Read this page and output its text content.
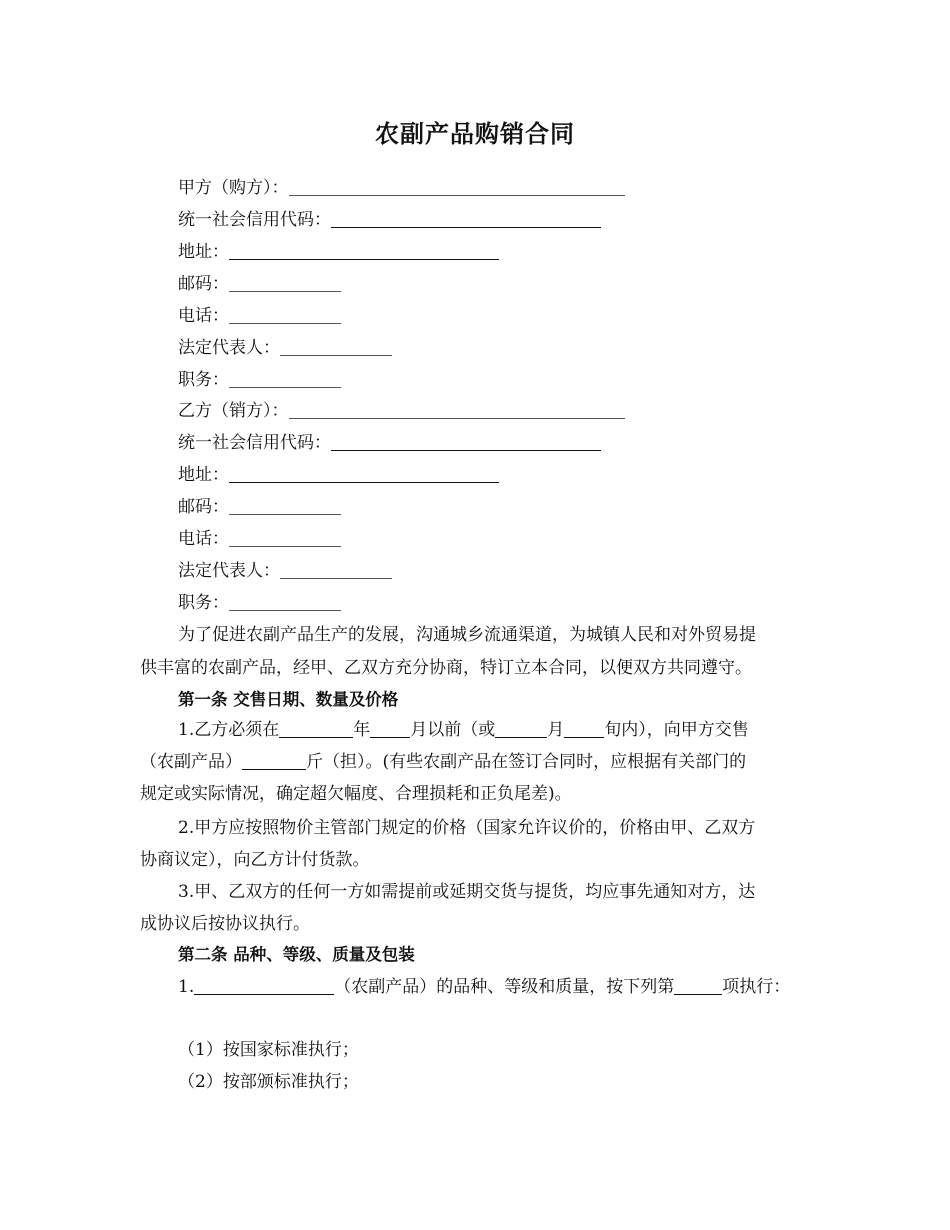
农副产品购销合同
甲方（购方）：
统一社会信用代码：
地址：
邮码：
电话：
法定代表人：
职务：
乙方（销方）：
统一社会信用代码：
地址：
邮码：
电话：
法定代表人：
职务：
为了促进农副产品生产的发展，沟通城乡流通渠道，为城镇人民和对外贸易提
供丰富的农副产品，经甲、乙双方充分协商，特订立本合同，以便双方共同遵守。
第一条 交售日期、数量及价格
1.乙方必须在	年 月以前（或	月 旬内），向甲方交售
（农副产品）	斤（担）。(有些农副产品在签订合同时，应根据有关部门的
规定或实际情况，确定超欠幅度、合理损耗和正负尾差)。
2.甲方应按照物价主管部门规定的价格（国家允许议价的，价格由甲、乙双方
协商议定），向乙方计付货款。
3.甲、乙双方的任何一方如需提前或延期交货与提货，均应事先通知对方，达
成协议后按协议执行。
第二条 品种、等级、质量及包装
1.	（农副产品）的品种、等级和质量，按下列第	项执行：
（1）按国家标准执行；
（2）按部颁标准执行；
